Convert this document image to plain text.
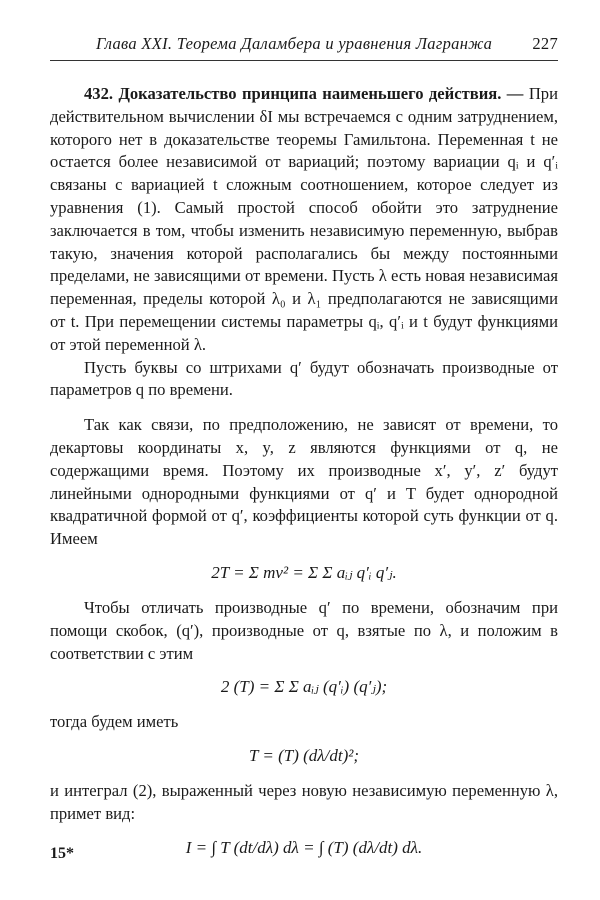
Глава XXI. Теорема Даламбера и уравнения Лагранжа 227

432. Доказательство принципа наименьшего действия. — При действительном вычислении δI мы встречаемся с одним затруднением, которого нет в доказательстве теоремы Гамильтона. Переменная t не остается более независимой от вариаций; поэтому вариации qᵢ и q′ᵢ связаны с вариацией t сложным соотношением, которое следует из уравнения (1). Самый простой способ обойти это затруднение заключается в том, чтобы изменить независимую переменную, выбрав такую, значения которой располагались бы между постоянными пределами, не зависящими от времени. Пусть λ есть новая независимая переменная, пределы которой λ₀ и λ₁ предполагаются не зависящими от t. При перемещении системы параметры qᵢ, q′ᵢ и t будут функциями от этой переменной λ.

Пусть буквы со штрихами q′ будут обозначать производные от параметров q по времени.

Так как связи, по предположению, не зависят от времени, то декартовы координаты x, y, z являются функциями от q, не содержащими время. Поэтому их производные x′, y′, z′ будут линейными однородными функциями от q′ и T будет однородной квадратичной формой от q′, коэффициенты которой суть функции от q. Имеем

2T = Σ mv² = Σ Σ aᵢⱼ q′ᵢ q′ⱼ.

Чтобы отличать производные q′ по времени, обозначим при помощи скобок, (q′), производные от q, взятые по λ, и положим в соответствии с этим

2 (T) = Σ Σ aᵢⱼ (q′ᵢ) (q′ⱼ);

тогда будем иметь

T = (T) (dλ/dt)²;

и интеграл (2), выраженный через новую независимую переменную λ, примет вид:

I = ∫ T (dt/dλ) dλ = ∫ (T) (dλ/dt) dλ.
15*
